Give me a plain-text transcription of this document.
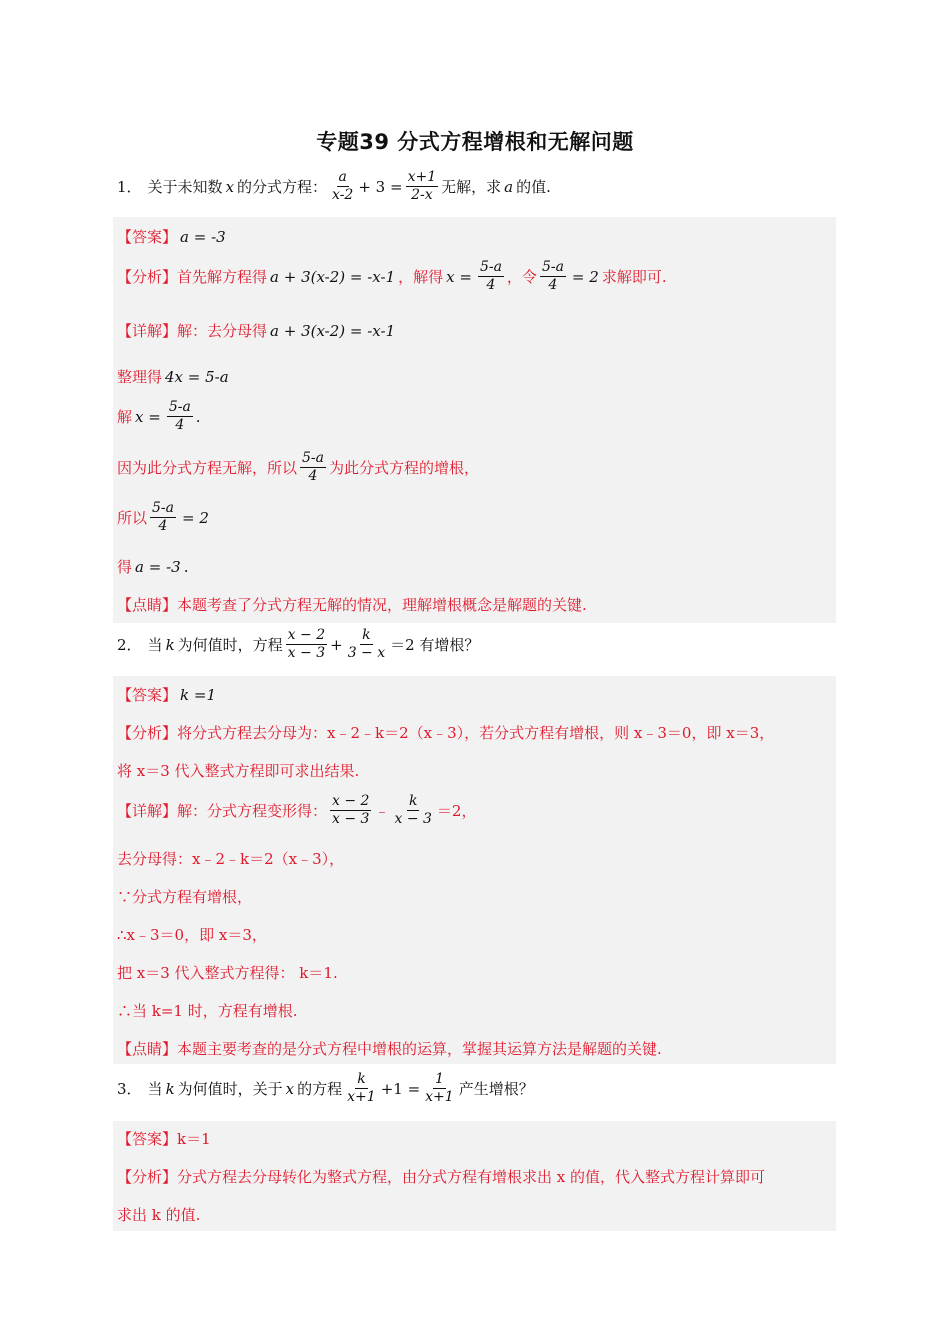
专题39 分式方程增根和无解问题
1． 关于未知数 x 的分式方程： $\frac{a}{x-2} + 3 = \frac{x+1}{2-x}$ 无解，求 a 的值.
【答案】 a = -3
【分析】 首先解方程得 a + 3(x-2) = -x-1 ，解得 $x = \frac{5-a}{4}$ ，令 $\frac{5-a}{4} = 2$ 求解即可.
【详解】 解：去分母得 a + 3(x-2) = -x-1
整理得 4x = 5-a
解 $x = \frac{5-a}{4}$ .
因为此分式方程无解，所以 $\frac{5-a}{4}$ 为此分式方程的增根，
所以 $\frac{5-a}{4} = 2$
得 a = -3 .
【点睛】 本题考查了分式方程无解的情况，理解增根概念是解题的关键.
2． 当 k 为何值时，方程 $\frac{x - 2}{x - 3} + \frac{k}{3 - x} =2$ 有增根？
【答案】 k =1
【分析】 将分式方程去分母为：x﹣2﹣k＝2（x﹣3），若分式方程有增根，则 x﹣3＝0，即 x＝3，
将 x＝3 代入整式方程即可求出结果.
【详解】 解：分式方程变形得： $\frac{x - 2}{x - 3}$ ﹣ $\frac{k}{x - 3} =2$，
去分母得：x﹣2﹣k＝2（x﹣3），
∵分式方程有增根，
∴x﹣3＝0，即 x＝3，
把 x＝3 代入整式方程得： k＝1.
∴当 k=1 时，方程有增根.
【点睛】 本题主要考查的是分式方程中增根的运算，掌握其运算方法是解题的关键.
3． 当 k 为何值时，关于 x 的方程 $\frac{k}{x+1} +1 = \frac{1}{x+1}$ 产生增根？
【答案】 k＝1
【分析】 分式方程去分母转化为整式方程，由分式方程有增根求出 x 的值，代入整式方程计算即可
求出 k 的值.
